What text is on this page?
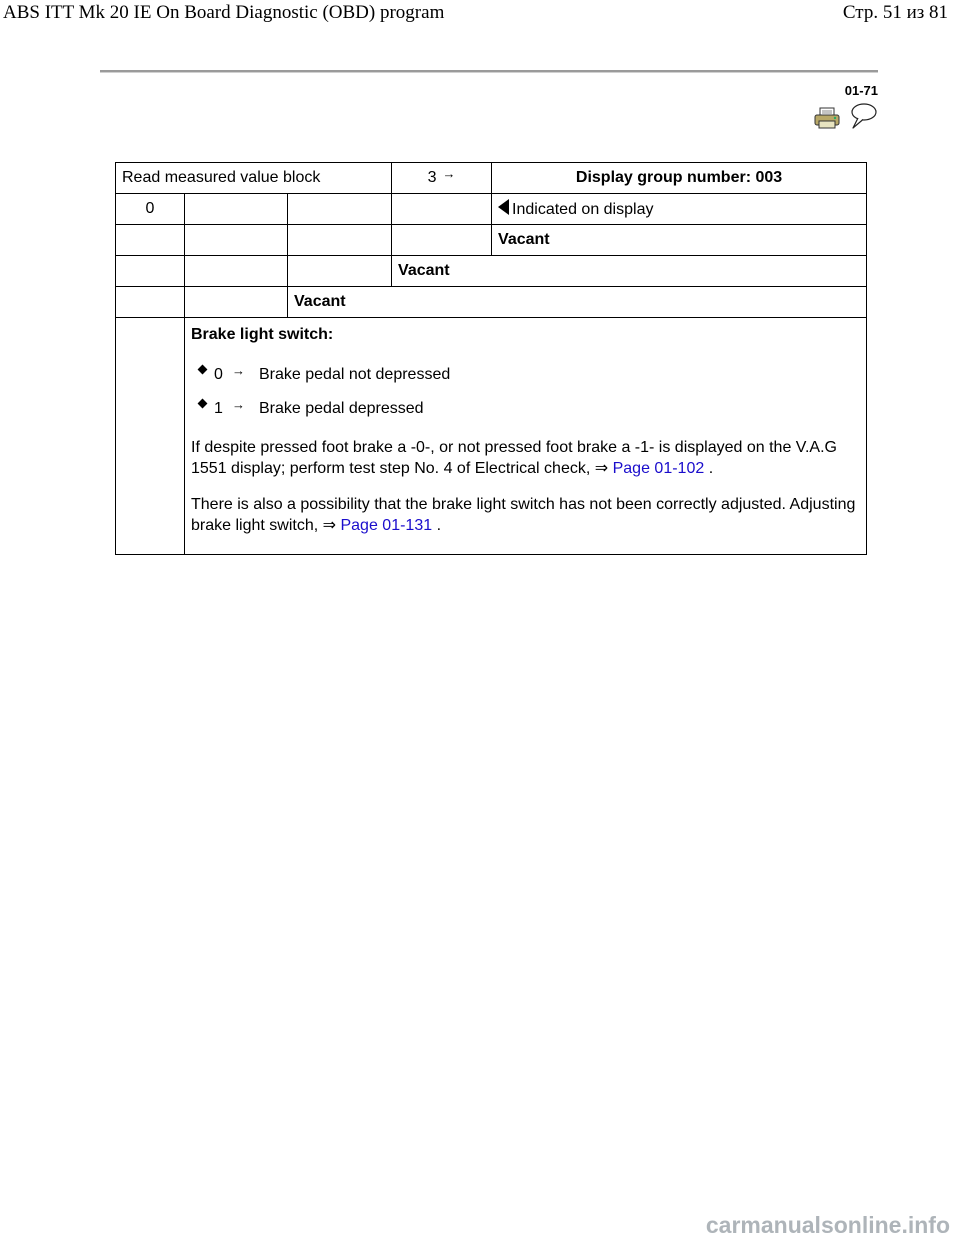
ABS ITT Mk 20 IE On Board Diagnostic (OBD) program	Стр. 51 из 81
01-71
Read measured value block			3 →	Display group number: 003
0				Indicated on display
				Vacant
			Vacant	
		Vacant		

	Brake light switch:
0 → Brake pedal not depressed
1 → Brake pedal depressed

If despite pressed foot brake a -0-, or not pressed foot brake a -1- is displayed on the V.A.G 1551 display; perform test step No. 4 of Electrical check, ⇒ Page 01-102 .

There is also a possibility that the brake light switch has not been correctly adjusted. Adjusting brake light switch, ⇒ Page 01-131 .			

carmanualsonline.info
